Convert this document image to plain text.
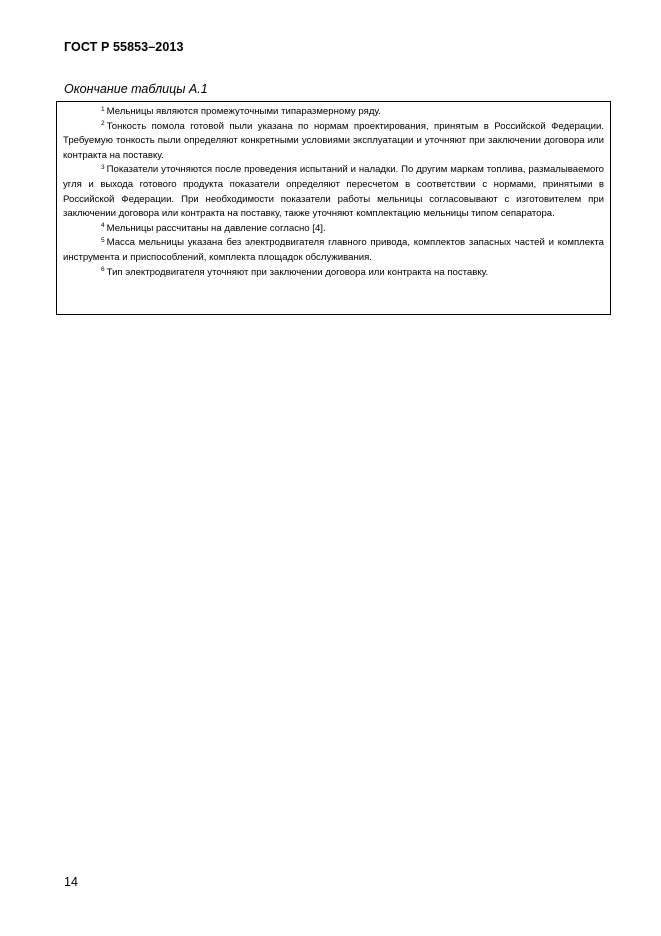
ГОСТ Р 55853–2013
Окончание таблицы А.1

$^1$ Мельницы являются промежуточными типаразмерному ряду.

$^2$ Тонкость помола готовой пыли указана по нормам проектирования, принятым в Российской Федерации. Требуемую тонкость пыли определяют конкретными условиями эксплуатации и уточняют при заключении договора или контракта на поставку.

$^3$ Показатели уточняются после проведения испытаний и наладки. По другим маркам топлива, размалываемого угля и выхода готового продукта показатели определяют пересчетом в соответствии с нормами, принятыми в Российской Федерации. При необходимости показатели работы мельницы согласовывают с изготовителем при заключении договора или контракта на поставку, также уточняют комплектацию мельницы типом сепаратора.

$^4$ Мельницы рассчитаны на давление согласно [4].

$^5$ Масса мельницы указана без электродвигателя главного привода, комплектов запасных частей и комплекта инструмента и приспособлений, комплекта площадок обслуживания.

$^6$ Тип электродвигателя уточняют при заключении договора или контракта на поставку.

14
